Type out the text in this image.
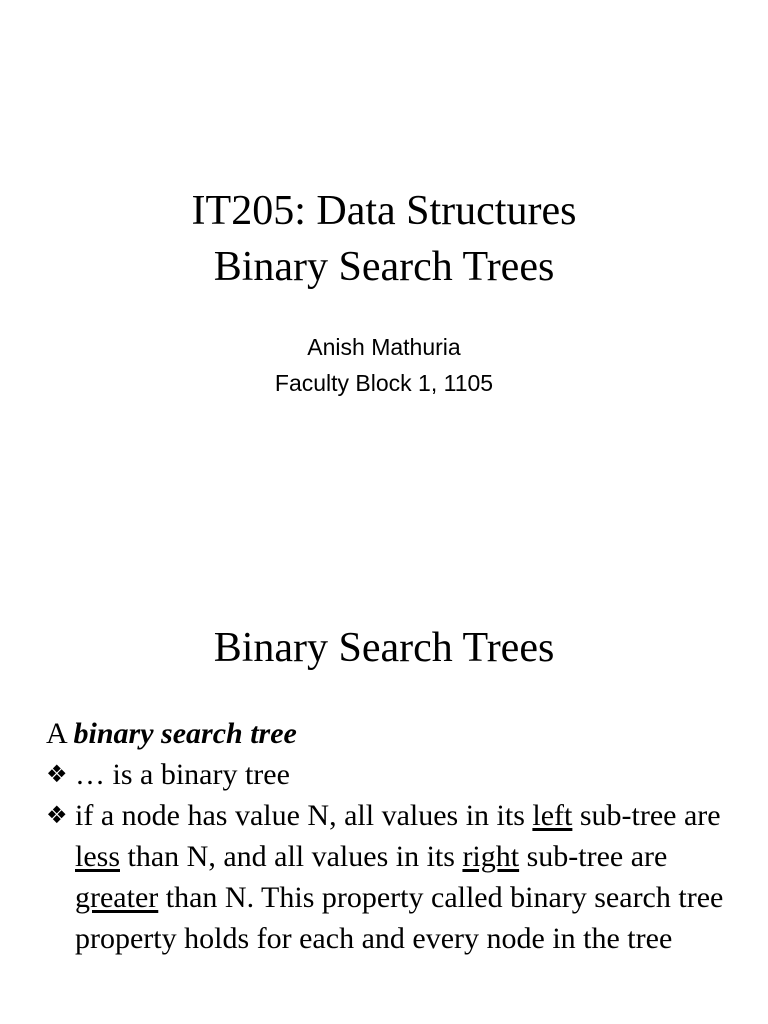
IT205: Data Structures
Binary Search Trees
Anish Mathuria
Faculty Block 1, 1105
Binary Search Trees

A binary search tree

❖ … is a binary tree

❖ if a node has value N, all values in its left sub-tree are less than N, and all values in its right sub-tree are greater than N. This property called binary search tree property holds for each and every node in the tree
